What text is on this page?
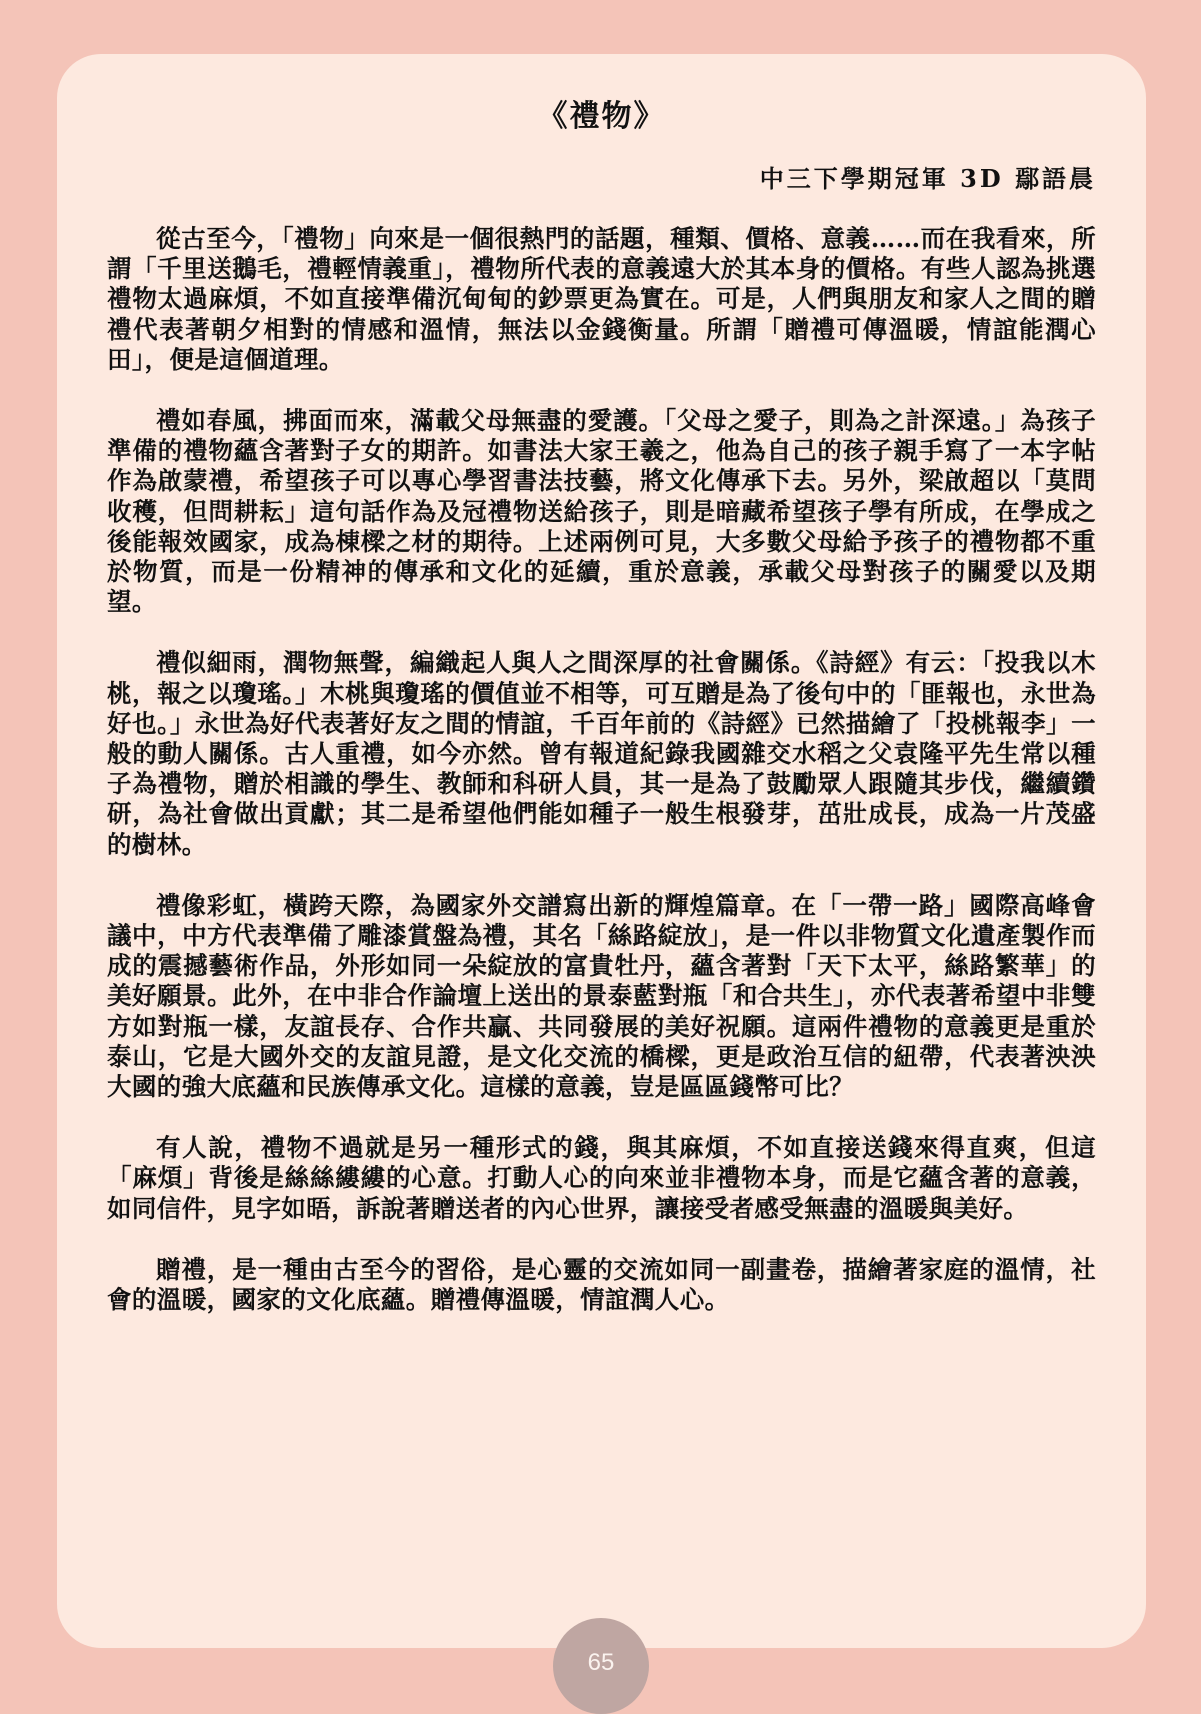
《禮物》
中三下學期冠軍 3D 鄢語晨

從古至今，「禮物」向來是一個很熱門的話題，種類、價格、意義……而在我看來，所謂「千里送鵝毛，禮輕情義重」，禮物所代表的意義遠大於其本身的價格。有些人認為挑選禮物太過麻煩，不如直接準備沉甸甸的鈔票更為實在。可是，人們與朋友和家人之間的贈禮代表著朝夕相對的情感和溫情，無法以金錢衡量。所謂「贈禮可傳溫暖，情誼能潤心田」，便是這個道理。

禮如春風，拂面而來，滿載父母無盡的愛護。「父母之愛子，則為之計深遠。」為孩子準備的禮物蘊含著對子女的期許。如書法大家王羲之，他為自己的孩子親手寫了一本字帖作為啟蒙禮，希望孩子可以專心學習書法技藝，將文化傳承下去。另外，梁啟超以「莫問收穫，但問耕耘」這句話作為及冠禮物送給孩子，則是暗藏希望孩子學有所成，在學成之後能報效國家，成為棟樑之材的期待。上述兩例可見，大多數父母給予孩子的禮物都不重於物質，而是一份精神的傳承和文化的延續，重於意義，承載父母對孩子的關愛以及期望。

禮似細雨，潤物無聲，編織起人與人之間深厚的社會關係。《詩經》有云：「投我以木桃，報之以瓊瑤。」木桃與瓊瑤的價值並不相等，可互贈是為了後句中的「匪報也，永世為好也。」永世為好代表著好友之間的情誼，千百年前的《詩經》已然描繪了「投桃報李」一般的動人關係。古人重禮，如今亦然。曾有報道紀錄我國雜交水稻之父袁隆平先生常以種子為禮物，贈於相識的學生、教師和科研人員，其一是為了鼓勵眾人跟隨其步伐，繼續鑽研，為社會做出貢獻；其二是希望他們能如種子一般生根發芽，茁壯成長，成為一片茂盛的樹林。

禮像彩虹，橫跨天際，為國家外交譜寫出新的輝煌篇章。在「一帶一路」國際高峰會議中，中方代表準備了雕漆賞盤為禮，其名「絲路綻放」，是一件以非物質文化遺產製作而成的震撼藝術作品，外形如同一朵綻放的富貴牡丹，蘊含著對「天下太平，絲路繁華」的美好願景。此外，在中非合作論壇上送出的景泰藍對瓶「和合共生」，亦代表著希望中非雙方如對瓶一樣，友誼長存、合作共贏、共同發展的美好祝願。這兩件禮物的意義更是重於泰山，它是大國外交的友誼見證，是文化交流的橋樑，更是政治互信的紐帶，代表著泱泱大國的強大底蘊和民族傳承文化。這樣的意義，豈是區區錢幣可比？

有人說，禮物不過就是另一種形式的錢，與其麻煩，不如直接送錢來得直爽，但這「麻煩」背後是絲絲縷縷的心意。打動人心的向來並非禮物本身，而是它蘊含著的意義，如同信件，見字如晤，訴說著贈送者的內心世界，讓接受者感受無盡的溫暖與美好。

贈禮，是一種由古至今的習俗，是心靈的交流如同一副畫卷，描繪著家庭的溫情，社會的溫暖，國家的文化底蘊。贈禮傳溫暖，情誼潤人心。

65
